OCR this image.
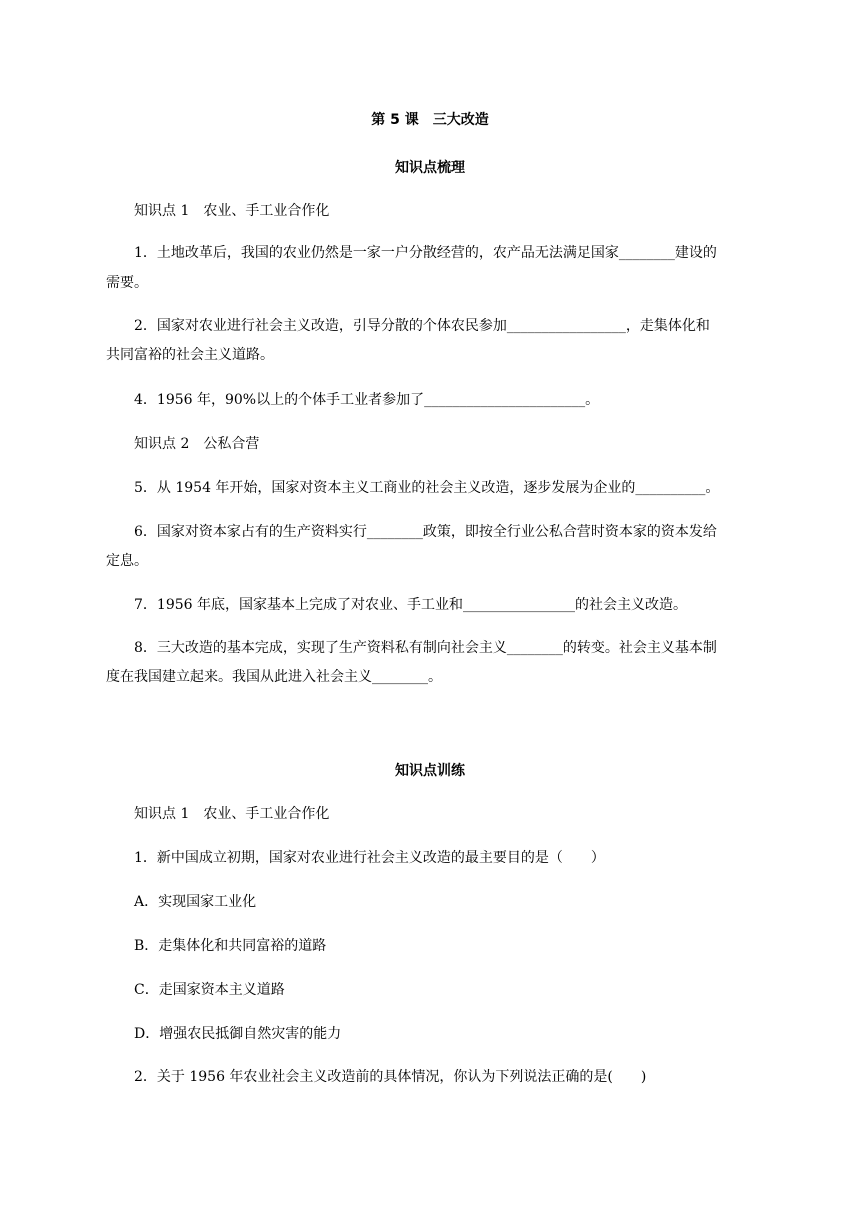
第 5 课　三大改造
知识点梳理
知识点 1　农业、手工业合作化
1．土地改革后，我国的农业仍然是一家一户分散经营的，农产品无法满足国家________建设的
需要。
2．国家对农业进行社会主义改造，引导分散的个体农民参加_________________，走集体化和
共同富裕的社会主义道路。
4．1956 年，90%以上的个体手工业者参加了_______________________。
知识点 2　公私合营
5．从 1954 年开始，国家对资本主义工商业的社会主义改造，逐步发展为企业的__________。
6．国家对资本家占有的生产资料实行________政策，即按全行业公私合营时资本家的资本发给
定息。
7．1956 年底，国家基本上完成了对农业、手工业和________________的社会主义改造。
8．三大改造的基本完成，实现了生产资料私有制向社会主义________的转变。社会主义基本制
度在我国建立起来。我国从此进入社会主义________。
知识点训练
知识点 1　农业、手工业合作化
1．新中国成立初期，国家对农业进行社会主义改造的最主要目的是（　　）
A．实现国家工业化
B．走集体化和共同富裕的道路
C．走国家资本主义道路
D．增强农民抵御自然灾害的能力
2．关于 1956 年农业社会主义改造前的具体情况，你认为下列说法正确的是(　　)
